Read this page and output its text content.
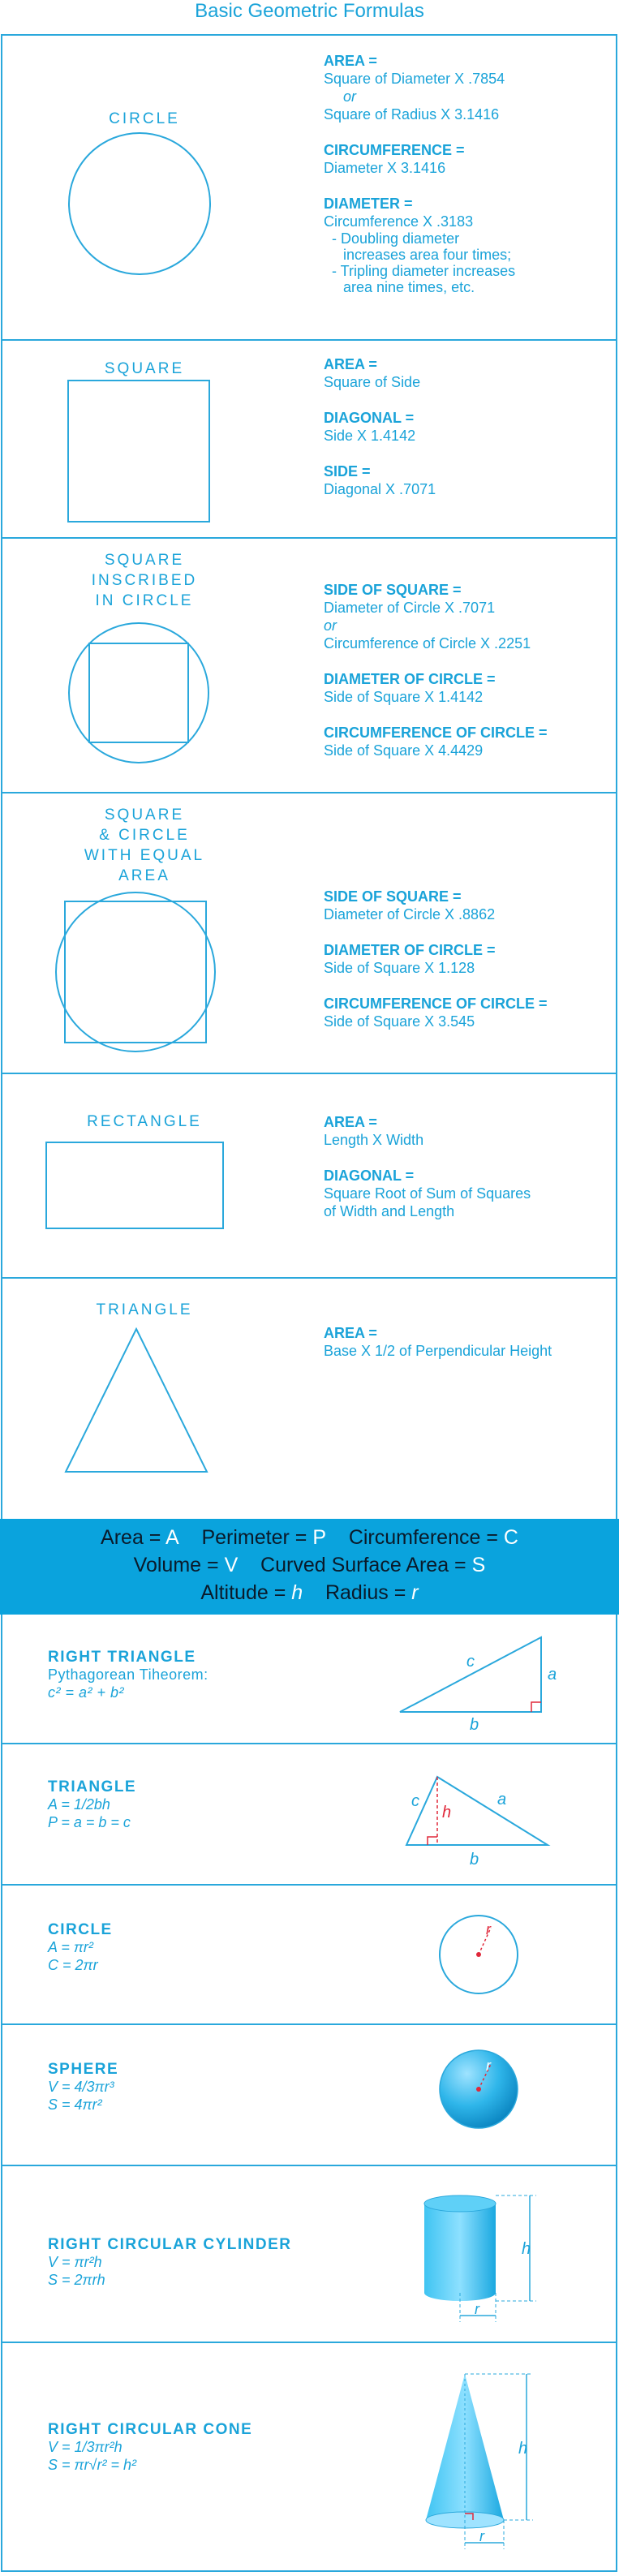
Basic Geometric Formulas
CIRCLE
AREA =
Square of Diameter X .7854
or
Square of Radius X 3.1416
CIRCUMFERENCE =
Diameter X 3.1416
DIAMETER =
Circumference X .3183
- Doubling diameter
increases area four times;
- Tripling diameter increases
area nine times, etc.
SQUARE	AREA =
Square of Side
DIAGONAL =
Side X 1.4142
SIDE =
Diagonal X .7071
SQUARE
INSCRIBED
IN CIRCLE
SIDE OF SQUARE =
Diameter of Circle X .7071
or
Circumference of Circle X .2251
DIAMETER OF CIRCLE =
Side of Square X 1.4142
CIRCUMFERENCE OF CIRCLE =
Side of Square X 4.4429
SQUARE
& CIRCLE
WITH EQUAL
AREA
SIDE OF SQUARE =
Diameter of Circle X .8862
DIAMETER OF CIRCLE =
Side of Square X 1.128
CIRCUMFERENCE OF CIRCLE =
Side of Square X 3.545
RECTANGLE	AREA =
Length X Width
DIAGONAL =
Square Root of Sum of Squares
of Width and Length
TRIANGLE
AREA =
Base X 1/2 of Perpendicular Height
Area = A Perimeter = P Circumference = C
Volume = V Curved Surface Area = S
Altitude = h Radius = r
RIGHT TRIANGLE
Pythagorean Tiheorem:
c² = a² + b²
c
a
b
TRIANGLE
A = 1/2bh
P = a = b = c
c
h
a
b
CIRCLE
A = πr²
C = 2πr
r
SPHERE
V = 4/3πr³
S = 4πr²
r
RIGHT CIRCULAR CYLINDER
V = πr²h
S = 2πrh
h
r
RIGHT CIRCULAR CONE
V = 1/3πr²h
S = πr√r² = h²
h
r
